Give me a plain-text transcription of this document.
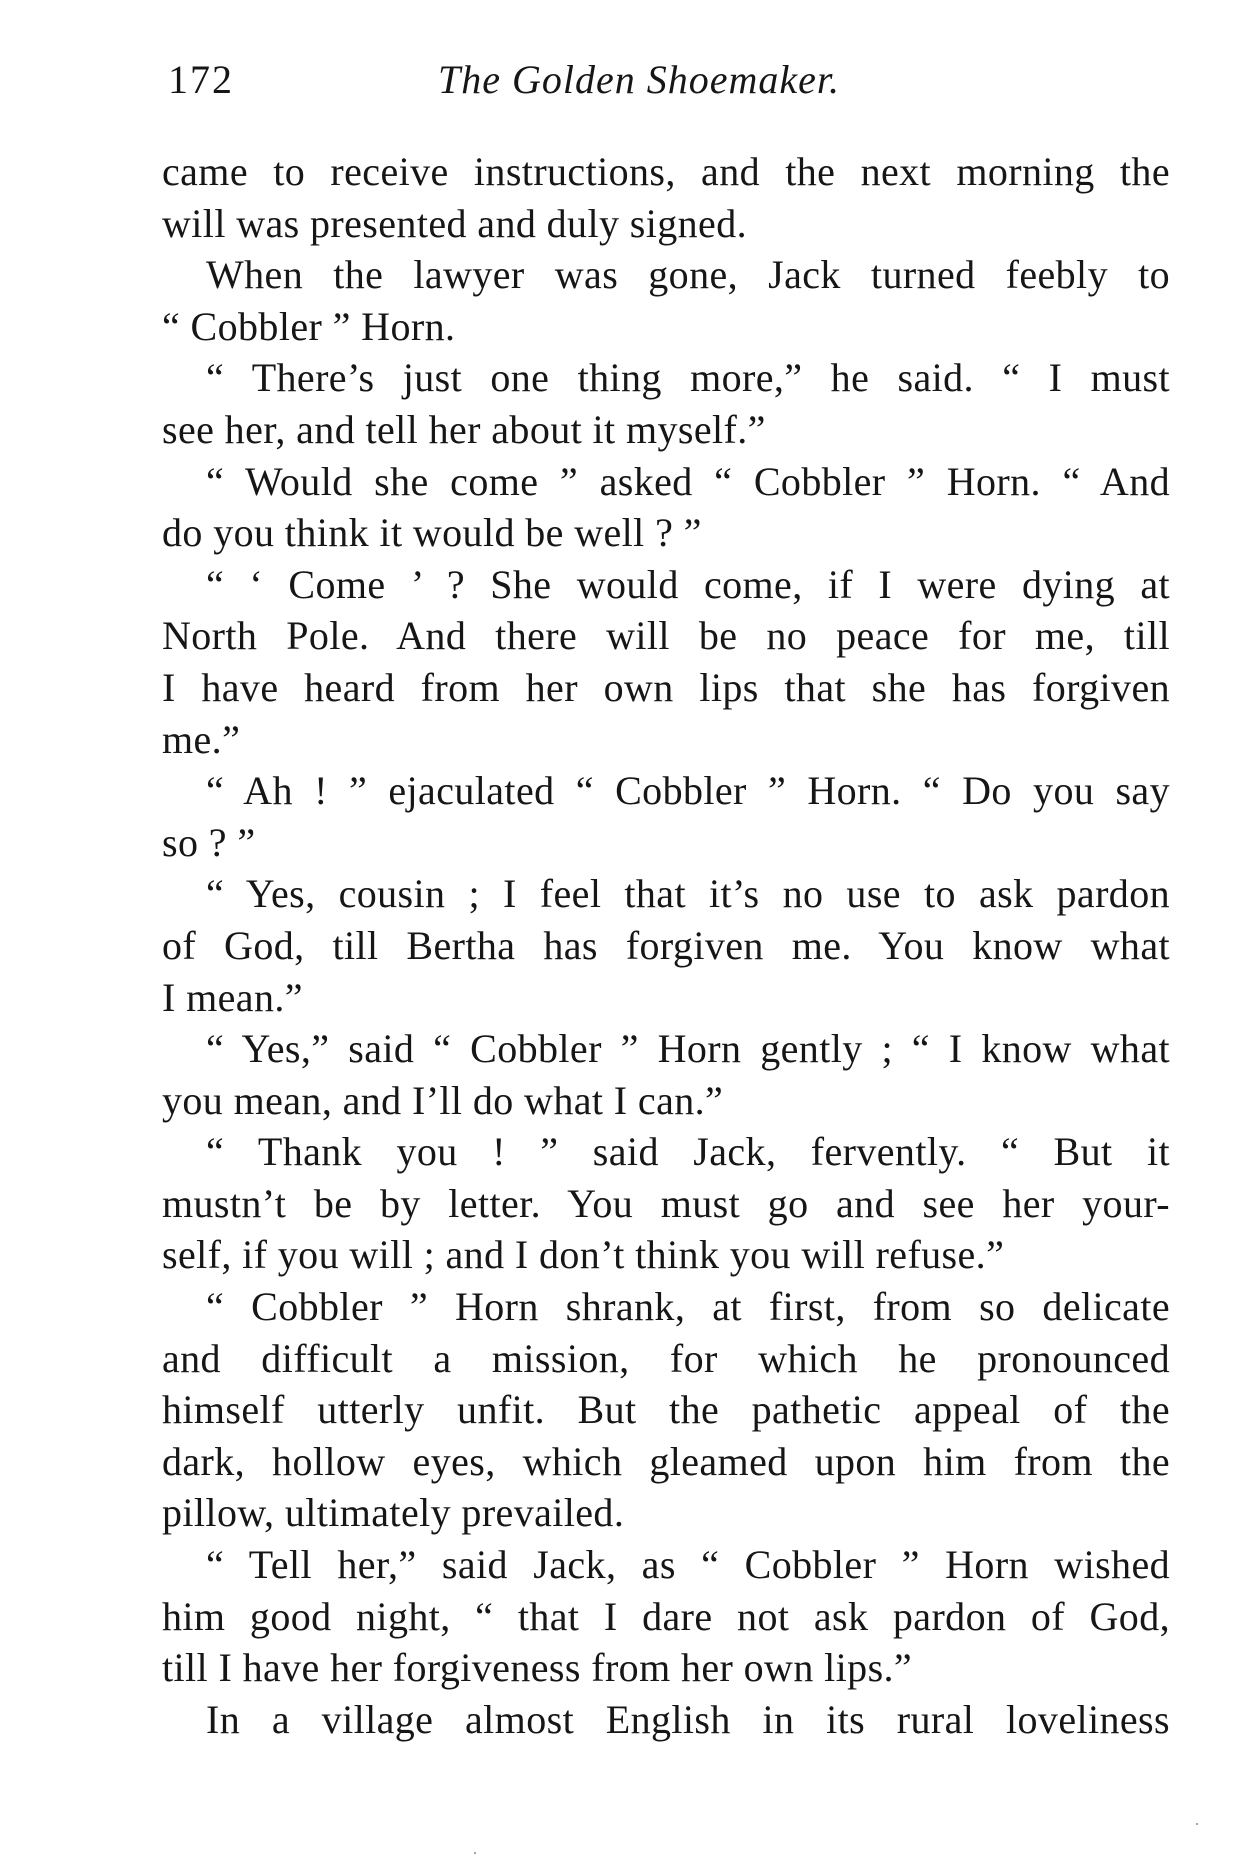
172	The Golden Shoemaker.
came to receive instructions, and the next morning the
will was presented and duly signed.
When the lawyer was gone, Jack turned feebly to
“ Cobbler ” Horn.
“ There’s just one thing more,” he said. “ I must
see her, and tell her about it myself.”
“ Would she come ” asked “ Cobbler ” Horn. “ And
do you think it would be well ? ”
“ ‘ Come ’ ? She would come, if I were dying at
North Pole. And there will be no peace for me, till
I have heard from her own lips that she has forgiven
me.”
“ Ah ! ” ejaculated “ Cobbler ” Horn. “ Do you say
so ? ”
“ Yes, cousin ; I feel that it’s no use to ask pardon
of God, till Bertha has forgiven me. You know what
I mean.”
“ Yes,” said “ Cobbler ” Horn gently ; “ I know what
you mean, and I’ll do what I can.”
“ Thank you ! ” said Jack, fervently. “ But it
mustn’t be by letter. You must go and see her your-
self, if you will ; and I don’t think you will refuse.”
“ Cobbler ” Horn shrank, at first, from so delicate
and difficult a mission, for which he pronounced
himself utterly unfit. But the pathetic appeal of the
dark, hollow eyes, which gleamed upon him from the
pillow, ultimately prevailed.
“ Tell her,” said Jack, as “ Cobbler ” Horn wished
him good night, “ that I dare not ask pardon of God,
till I have her forgiveness from her own lips.”
In a village almost English in its rural loveliness
